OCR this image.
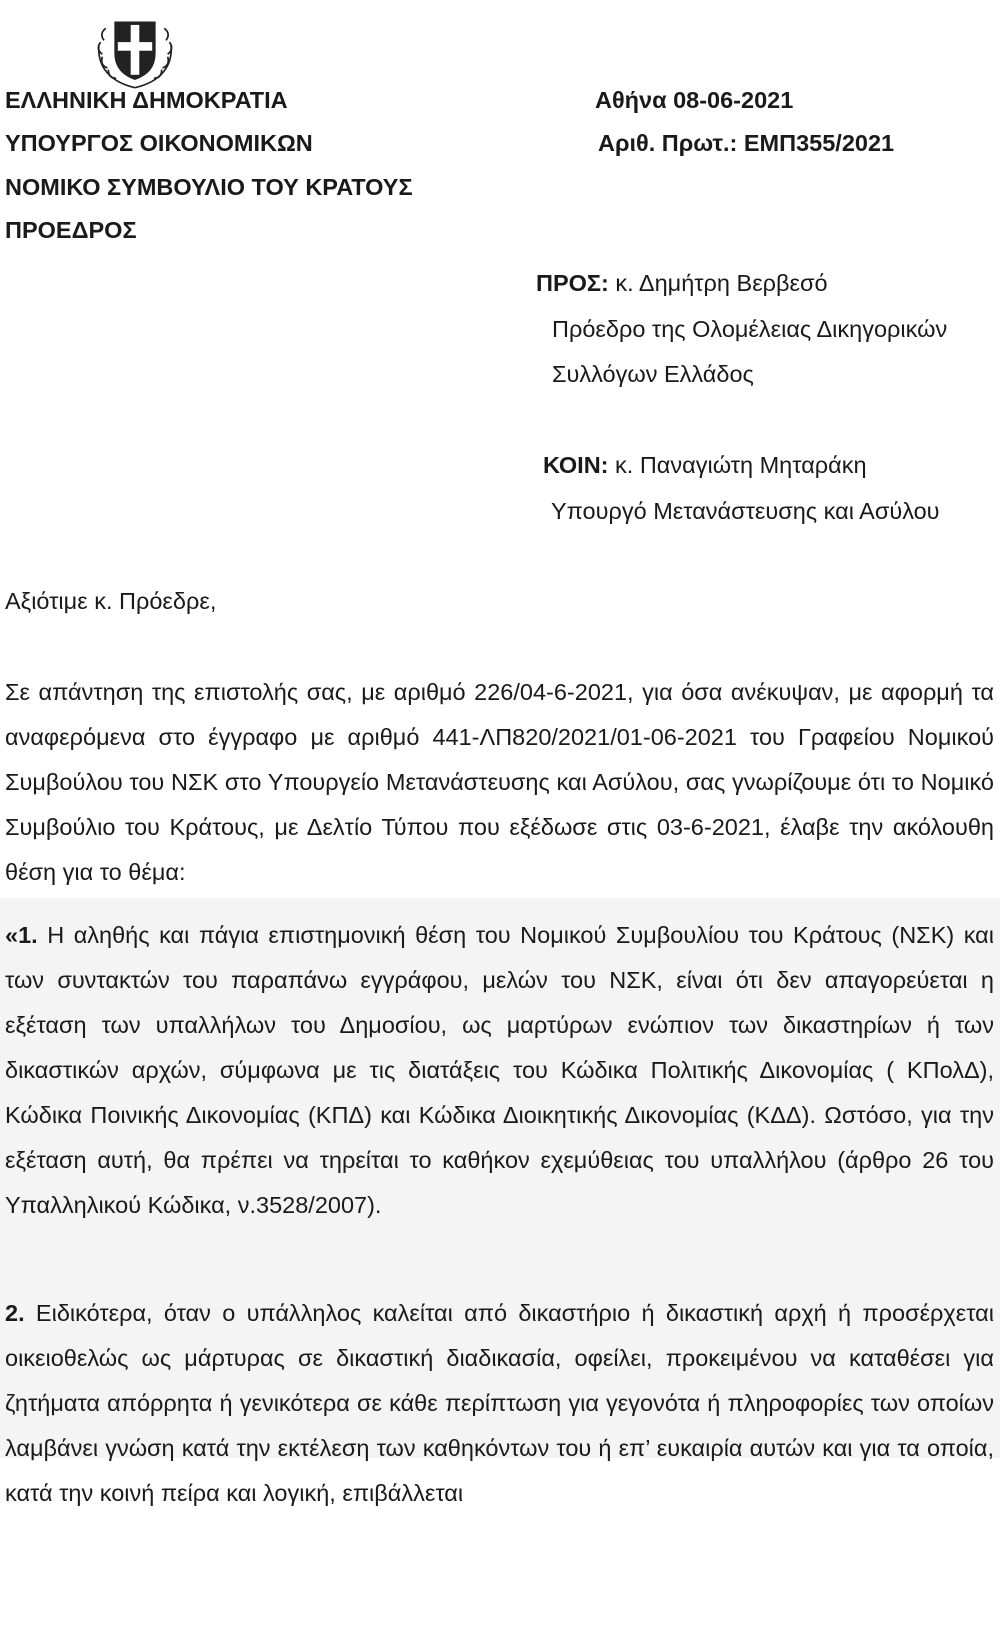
ΕΛΛΗΝΙΚΗ ΔΗΜΟΚΡΑΤΙΑ
ΥΠΟΥΡΓΟΣ ΟΙΚΟΝΟΜΙΚΩΝ
ΝΟΜΙΚΟ ΣΥΜΒΟΥΛΙΟ ΤΟΥ ΚΡΑΤΟΥΣ
ΠΡΟΕΔΡΟΣ
Αθήνα 08-06-2021
Αριθ. Πρωτ.: ΕΜΠ355/2021
ΠΡΟΣ: κ. Δημήτρη Βερβεσό
Πρόεδρο της Ολομέλειας Δικηγορικών
Συλλόγων Ελλάδος
ΚΟΙΝ: κ. Παναγιώτη Μηταράκη
Υπουργό Μετανάστευσης και Ασύλου
Αξιότιμε κ. Πρόεδρε,

Σε απάντηση της επιστολής σας, με αριθμό 226/04-6-2021, για όσα ανέκυψαν, με αφορμή τα αναφερόμενα στο έγγραφο με αριθμό 441-ΛΠ820/2021/01-06-2021 του Γραφείου Νομικού Συμβούλου του ΝΣΚ στο Υπουργείο Μετανάστευσης και Ασύλου, σας γνωρίζουμε ότι το Νομικό Συμβούλιο του Κράτους, με Δελτίο Τύπου που εξέδωσε στις 03-6-2021, έλαβε την ακόλουθη θέση για το θέμα:

«1. Η αληθής και πάγια επιστημονική θέση του Νομικού Συμβουλίου του Κράτους (ΝΣΚ) και των συντακτών του παραπάνω εγγράφου, μελών του ΝΣΚ, είναι ότι δεν απαγορεύεται η εξέταση των υπαλλήλων του Δημοσίου, ως μαρτύρων ενώπιον των δικαστηρίων ή των δικαστικών αρχών, σύμφωνα με τις διατάξεις του Κώδικα Πολιτικής Δικονομίας ( ΚΠολΔ), Κώδικα Ποινικής Δικονομίας (ΚΠΔ) και Κώδικα Διοικητικής Δικονομίας (ΚΔΔ). Ωστόσο, για την εξέταση αυτή, θα πρέπει να τηρείται το καθήκον εχεμύθειας του υπαλλήλου (άρθρο 26 του Υπαλληλικού Κώδικα, ν.3528/2007).

2. Ειδικότερα, όταν ο υπάλληλος καλείται από δικαστήριο ή δικαστική αρχή ή προσέρχεται οικειοθελώς ως μάρτυρας σε δικαστική διαδικασία, οφείλει, προκειμένου να καταθέσει για ζητήματα απόρρητα ή γενικότερα σε κάθε περίπτωση για γεγονότα ή πληροφορίες των οποίων λαμβάνει γνώση κατά την εκτέλεση των καθηκόντων του ή επ’ ευκαιρία αυτών και για τα οποία, κατά την κοινή πείρα και λογική, επιβάλλεται
